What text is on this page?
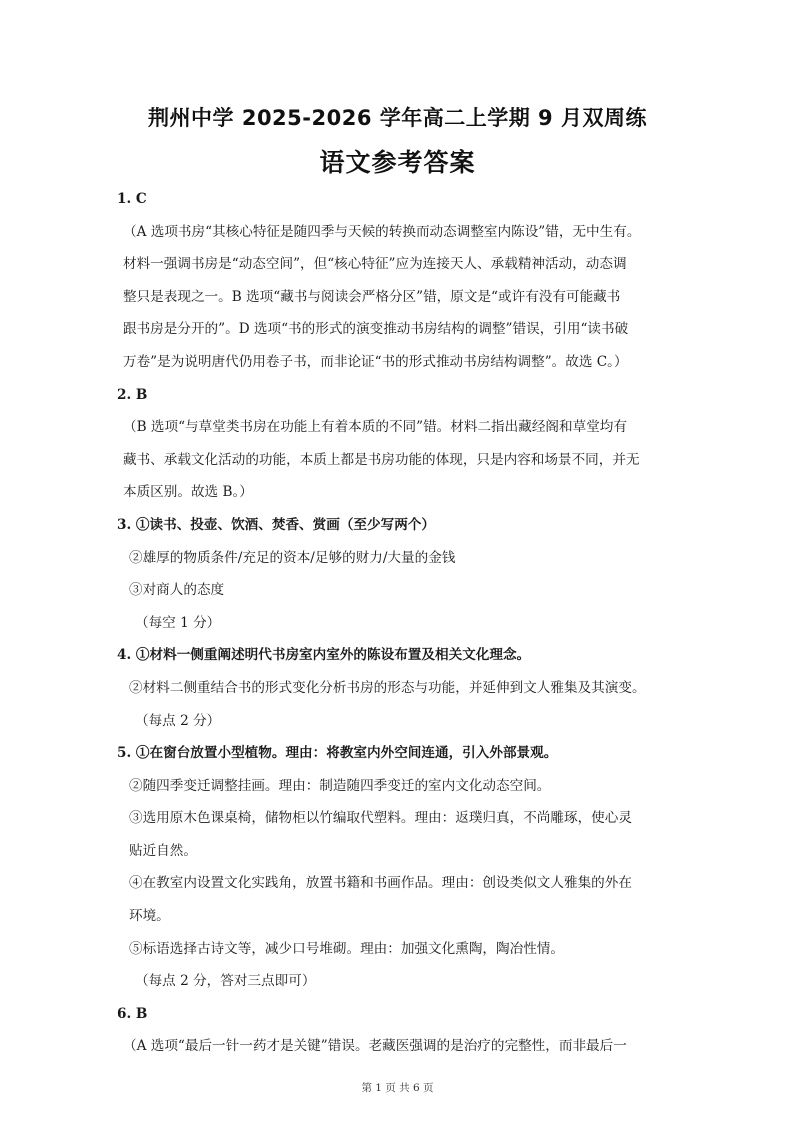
荆州中学 2025-2026 学年高二上学期 9 月双周练
语文参考答案
1. C
（A 选项书房“其核心特征是随四季与天候的转换而动态调整室内陈设”错，无中生有。
材料一强调书房是“动态空间”，但“核心特征”应为连接天人、承载精神活动，动态调
整只是表现之一。B 选项“藏书与阅读会严格分区”错，原文是“或许有没有可能藏书
跟书房是分开的”。D 选项“书的形式的演变推动书房结构的调整”错误，引用“读书破
万卷”是为说明唐代仍用卷子书，而非论证“书的形式推动书房结构调整”。故选 C。）
2. B
（B 选项“与草堂类书房在功能上有着本质的不同”错。材料二指出藏经阁和草堂均有
藏书、承载文化活动的功能，本质上都是书房功能的体现，只是内容和场景不同，并无
本质区别。故选 B。）
3. ①读书、投壶、饮酒、焚香、赏画（至少写两个）
②雄厚的物质条件/充足的资本/足够的财力/大量的金钱
③对商人的态度
（每空 1 分）
4. ①材料一侧重阐述明代书房室内室外的陈设布置及相关文化理念。
②材料二侧重结合书的形式变化分析书房的形态与功能，并延伸到文人雅集及其演变。
（每点 2 分）
5. ①在窗台放置小型植物。理由：将教室内外空间连通，引入外部景观。
②随四季变迁调整挂画。理由：制造随四季变迁的室内文化动态空间。
③选用原木色课桌椅，储物柜以竹编取代塑料。理由：返璞归真，不尚雕琢，使心灵
贴近自然。
④在教室内设置文化实践角，放置书籍和书画作品。理由：创设类似文人雅集的外在
环境。
⑤标语选择古诗文等，减少口号堆砌。理由：加强文化熏陶，陶冶性情。
（每点 2 分，答对三点即可）
6. B
（A 选项“最后一针一药才是关键”错误。老藏医强调的是治疗的完整性，而非最后一
第 1 页 共 6 页
